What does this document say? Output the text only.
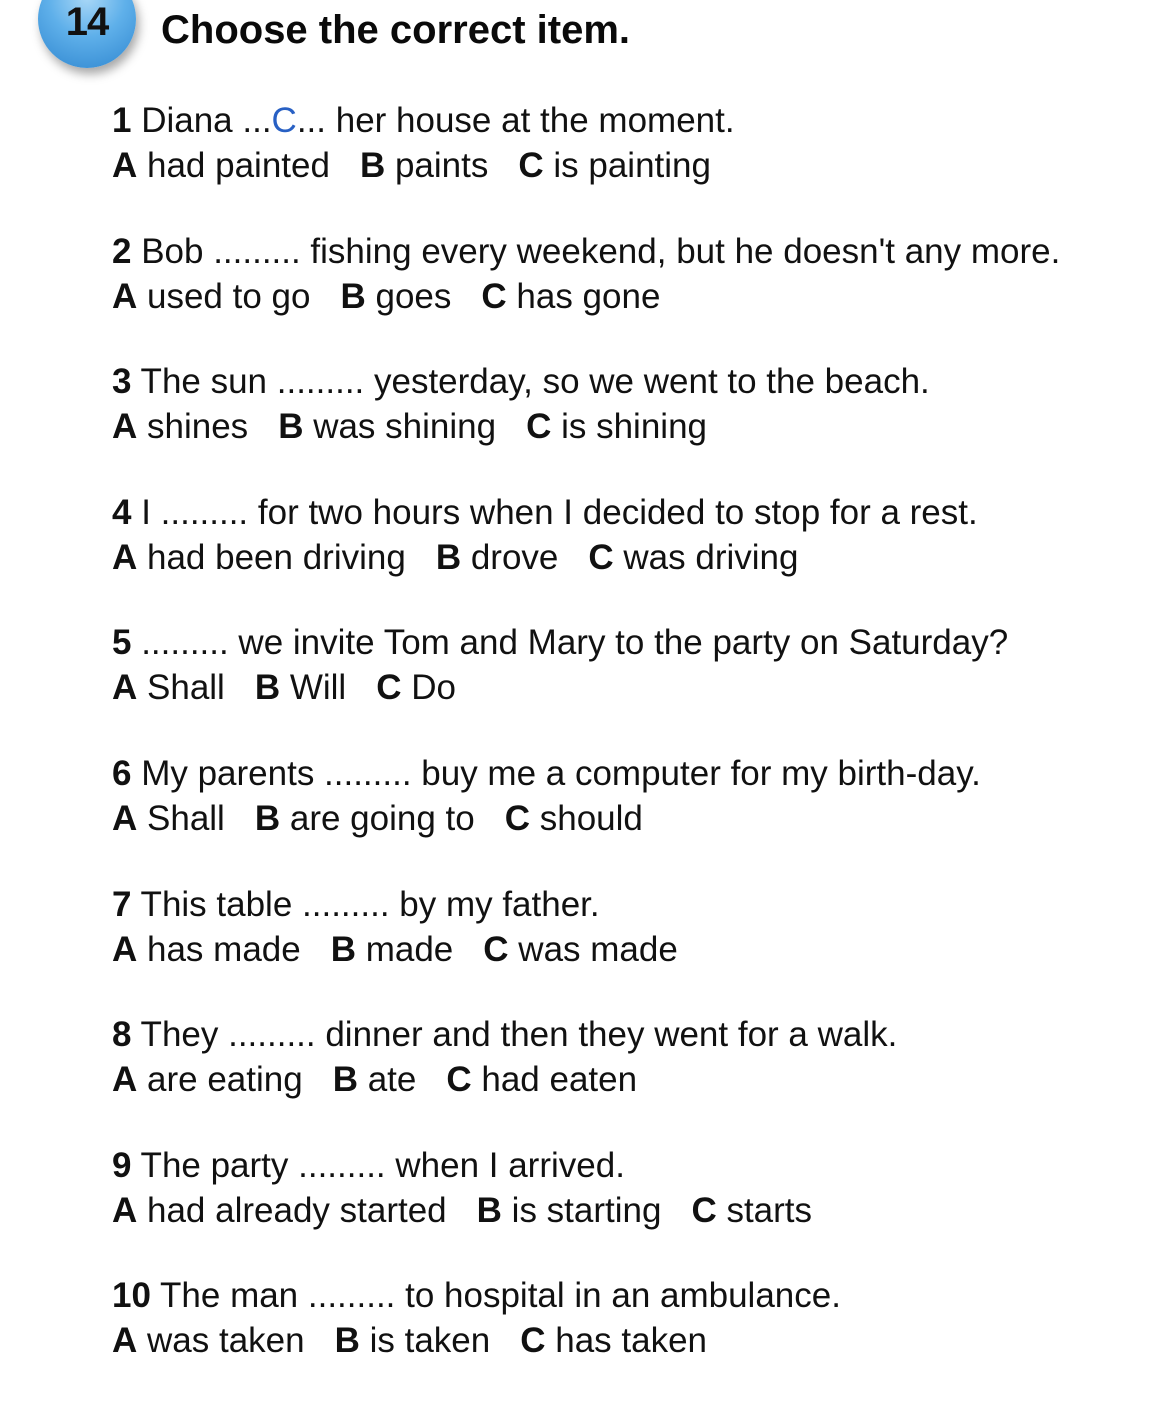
14	Choose the correct item.
1 Diana ...C... her house at the moment.
A had painted B paints C is painting
2 Bob ......... fishing every weekend, but he doesn't any more.
A used to go B goes C has gone
3 The sun ......... yesterday, so we went to the beach.
A shines B was shining C is shining
4 I ......... for two hours when I decided to stop for a rest.
A had been driving B drove C was driving
5 ......... we invite Tom and Mary to the party on Saturday?
A Shall B Will C Do
6 My parents ......... buy me a computer for my birth-day.
A Shall B are going to C should
7 This table ......... by my father.
A has made B made C was made
8 They ......... dinner and then they went for a walk.
A are eating B ate C had eaten
9 The party ......... when I arrived.
A had already started B is starting C starts
10 The man ......... to hospital in an ambulance.
A was taken B is taken C has taken
